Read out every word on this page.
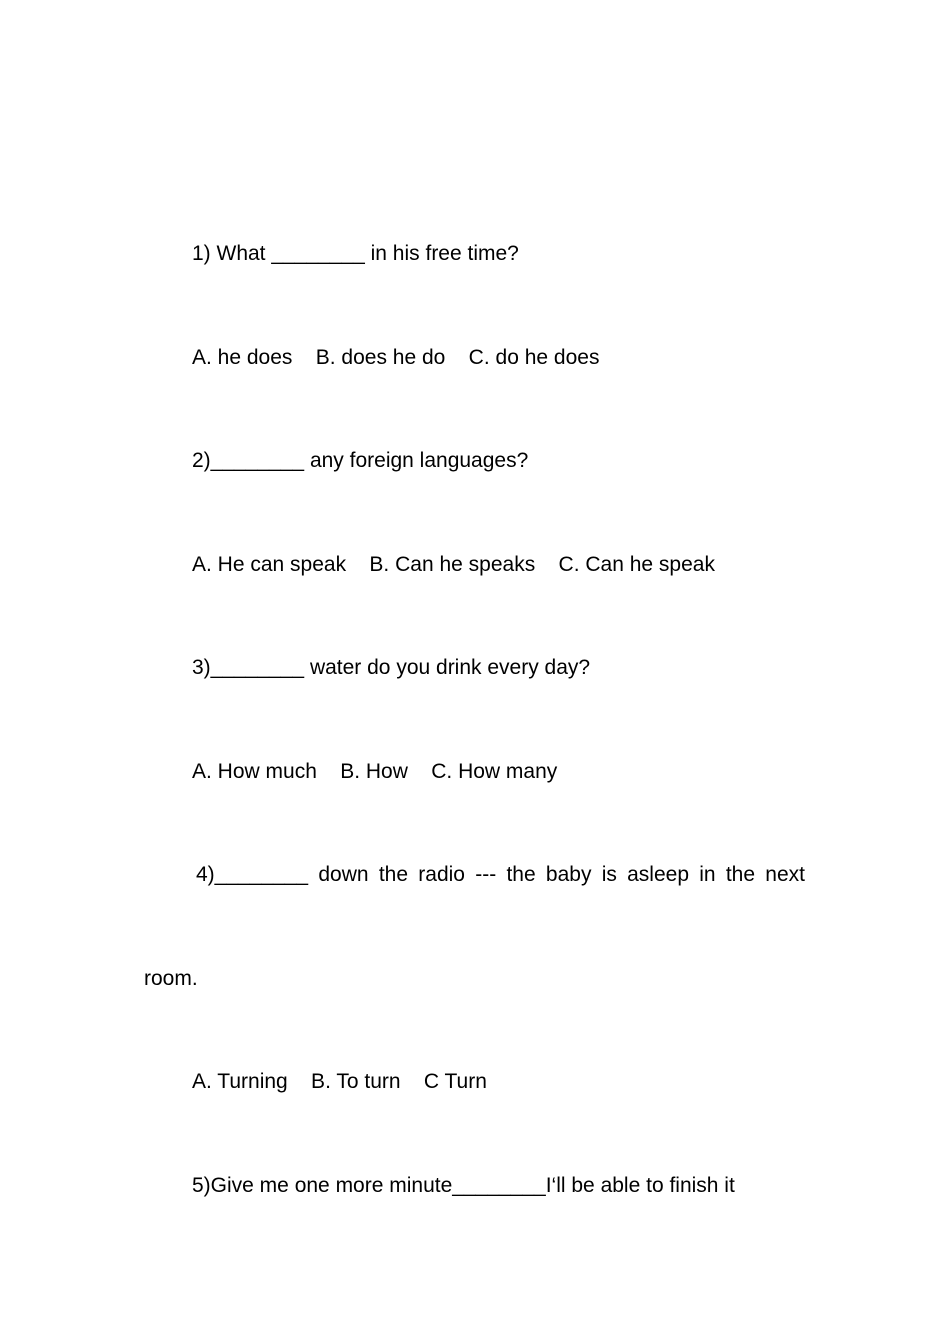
1) What ________ in his free time?
A. he does    B. does he do    C. do he does
2)________ any foreign languages?
A. He can speak    B. Can he speaks    C. Can he speak
3)________ water do you drink every day?
A. How much    B. How    C. How many
4)________ down the radio --- the baby is asleep in the next
room.
A. Turning    B. To turn    C Turn
5)Give me one more minute________I‘ll be able to finish it
